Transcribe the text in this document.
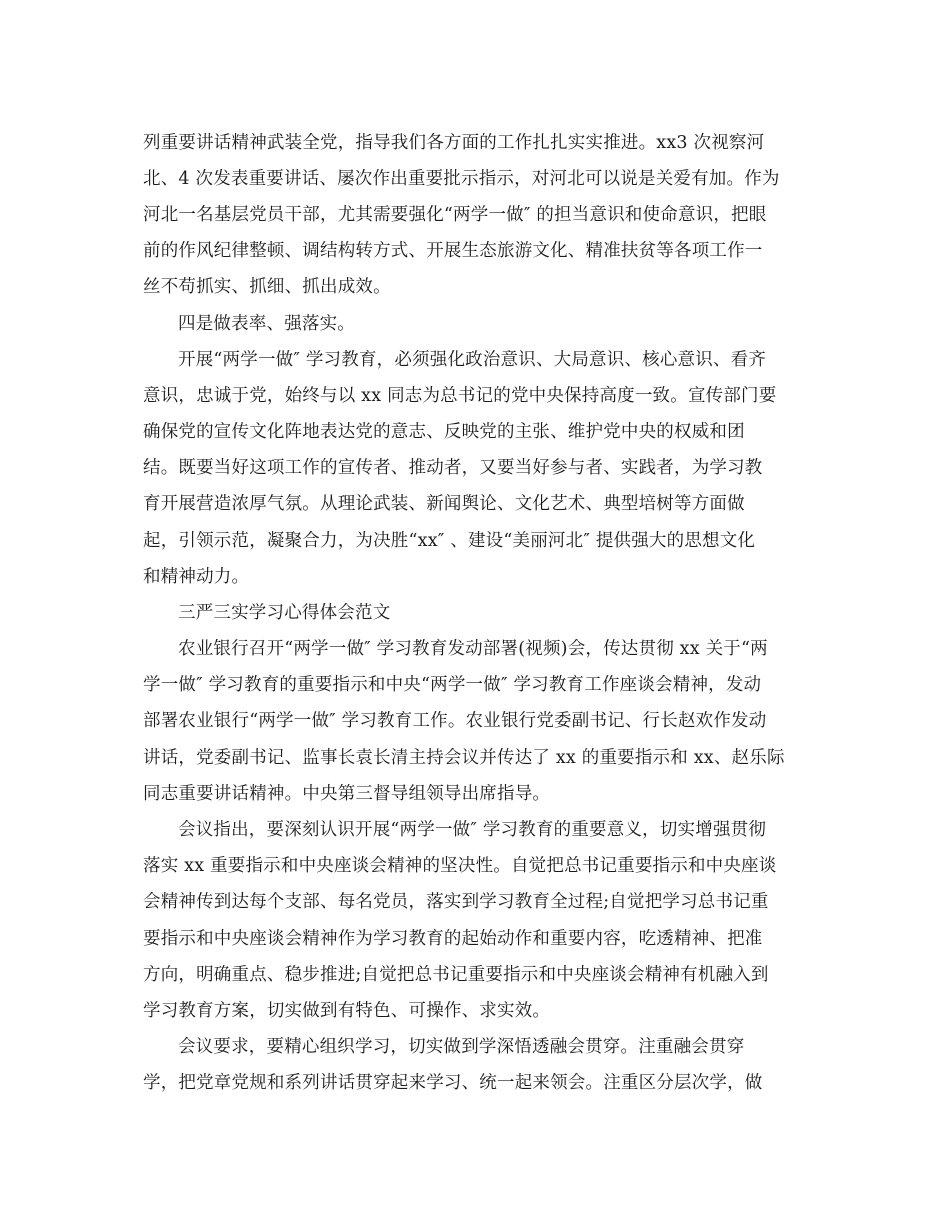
列重要讲话精神武装全党，指导我们各方面的工作扎扎实实推进。xx3 次视察河
北、4 次发表重要讲话、屡次作出重要批示指示，对河北可以说是关爱有加。作为
河北一名基层党员干部，尤其需要强化“两学一做″ 的担当意识和使命意识，把眼
前的作风纪律整顿、调结构转方式、开展生态旅游文化、精准扶贫等各项工作一
丝不苟抓实、抓细、抓出成效。
四是做表率、强落实。
开展“两学一做″ 学习教育，必须强化政治意识、大局意识、核心意识、看齐
意识，忠诚于党，始终与以 xx 同志为总书记的党中央保持高度一致。宣传部门要
确保党的宣传文化阵地表达党的意志、反映党的主张、维护党中央的权威和团
结。既要当好这项工作的宣传者、推动者，又要当好参与者、实践者，为学习教
育开展营造浓厚气氛。从理论武装、新闻舆论、文化艺术、典型培树等方面做
起，引领示范，凝聚合力，为决胜“xx″ 、建设“美丽河北″ 提供强大的思想文化
和精神动力。
三严三实学习心得体会范文
农业银行召开“两学一做″ 学习教育发动部署(视频)会，传达贯彻 xx 关于“两
学一做″ 学习教育的重要指示和中央“两学一做″ 学习教育工作座谈会精神，发动
部署农业银行“两学一做″ 学习教育工作。农业银行党委副书记、行长赵欢作发动
讲话，党委副书记、监事长袁长清主持会议并传达了 xx 的重要指示和 xx、赵乐际
同志重要讲话精神。中央第三督导组领导出席指导。
会议指出，要深刻认识开展“两学一做″ 学习教育的重要意义，切实增强贯彻
落实 xx 重要指示和中央座谈会精神的坚决性。自觉把总书记重要指示和中央座谈
会精神传到达每个支部、每名党员，落实到学习教育全过程;自觉把学习总书记重
要指示和中央座谈会精神作为学习教育的起始动作和重要内容，吃透精神、把准
方向，明确重点、稳步推进;自觉把总书记重要指示和中央座谈会精神有机融入到
学习教育方案，切实做到有特色、可操作、求实效。
会议要求，要精心组织学习，切实做到学深悟透融会贯穿。注重融会贯穿
学，把党章党规和系列讲话贯穿起来学习、统一起来领会。注重区分层次学，做
